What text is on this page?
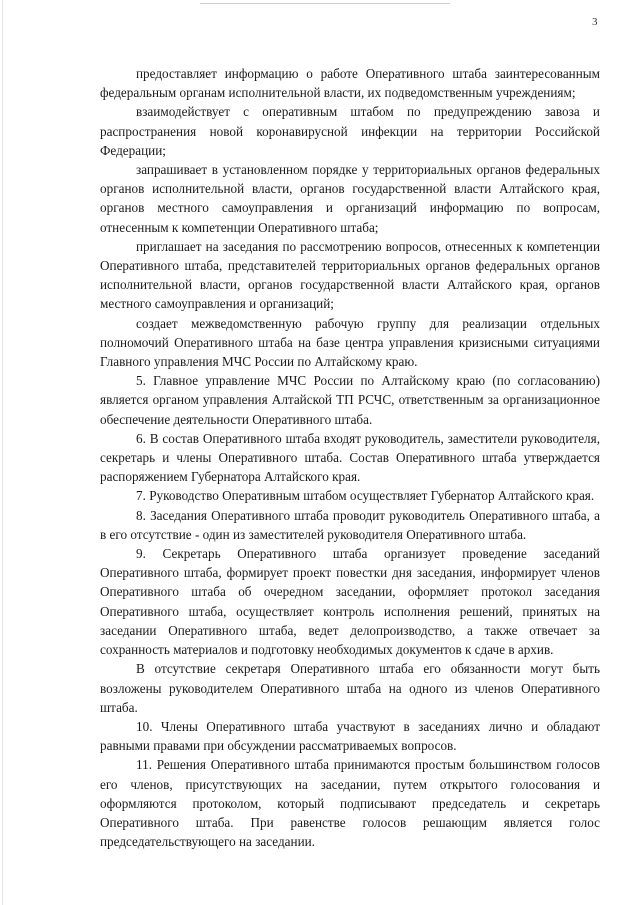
3

предоставляет информацию о работе Оперативного штаба заинтересованным федеральным органам исполнительной власти, их подведомственным учреждениям;

взаимодействует с оперативным штабом по предупреждению завоза и распространения новой коронавирусной инфекции на территории Российской Федерации;

запрашивает в установленном порядке у территориальных органов федеральных органов исполнительной власти, органов государственной власти Алтайского края, органов местного самоуправления и организаций информацию по вопросам, отнесенным к компетенции Оперативного штаба;

приглашает на заседания по рассмотрению вопросов, отнесенных к компетенции Оперативного штаба, представителей территориальных органов федеральных органов исполнительной власти, органов государственной власти Алтайского края, органов местного самоуправления и организаций;

создает межведомственную рабочую группу для реализации отдельных полномочий Оперативного штаба на базе центра управления кризисными ситуациями Главного управления МЧС России по Алтайскому краю.

5. Главное управление МЧС России по Алтайскому краю (по согласованию) является органом управления Алтайской ТП РСЧС, ответственным за организационное обеспечение деятельности Оперативного штаба.

6. В состав Оперативного штаба входят руководитель, заместители руководителя, секретарь и члены Оперативного штаба. Состав Оперативного штаба утверждается распоряжением Губернатора Алтайского края.

7. Руководство Оперативным штабом осуществляет Губернатор Алтайского края.

8. Заседания Оперативного штаба проводит руководитель Оперативного штаба, а в его отсутствие - один из заместителей руководителя Оперативного штаба.

9. Секретарь Оперативного штаба организует проведение заседаний Оперативного штаба, формирует проект повестки дня заседания, информирует членов Оперативного штаба об очередном заседании, оформляет протокол заседания Оперативного штаба, осуществляет контроль исполнения решений, принятых на заседании Оперативного штаба, ведет делопроизводство, а также отвечает за сохранность материалов и подготовку необходимых документов к сдаче в архив.

В отсутствие секретаря Оперативного штаба его обязанности могут быть возложены руководителем Оперативного штаба на одного из членов Оперативного штаба.

10. Члены Оперативного штаба участвуют в заседаниях лично и обладают равными правами при обсуждении рассматриваемых вопросов.

11. Решения Оперативного штаба принимаются простым большинством голосов его членов, присутствующих на заседании, путем открытого голосования и оформляются протоколом, который подписывают председатель и секретарь Оперативного штаба. При равенстве голосов решающим является голос председательствующего на заседании.
